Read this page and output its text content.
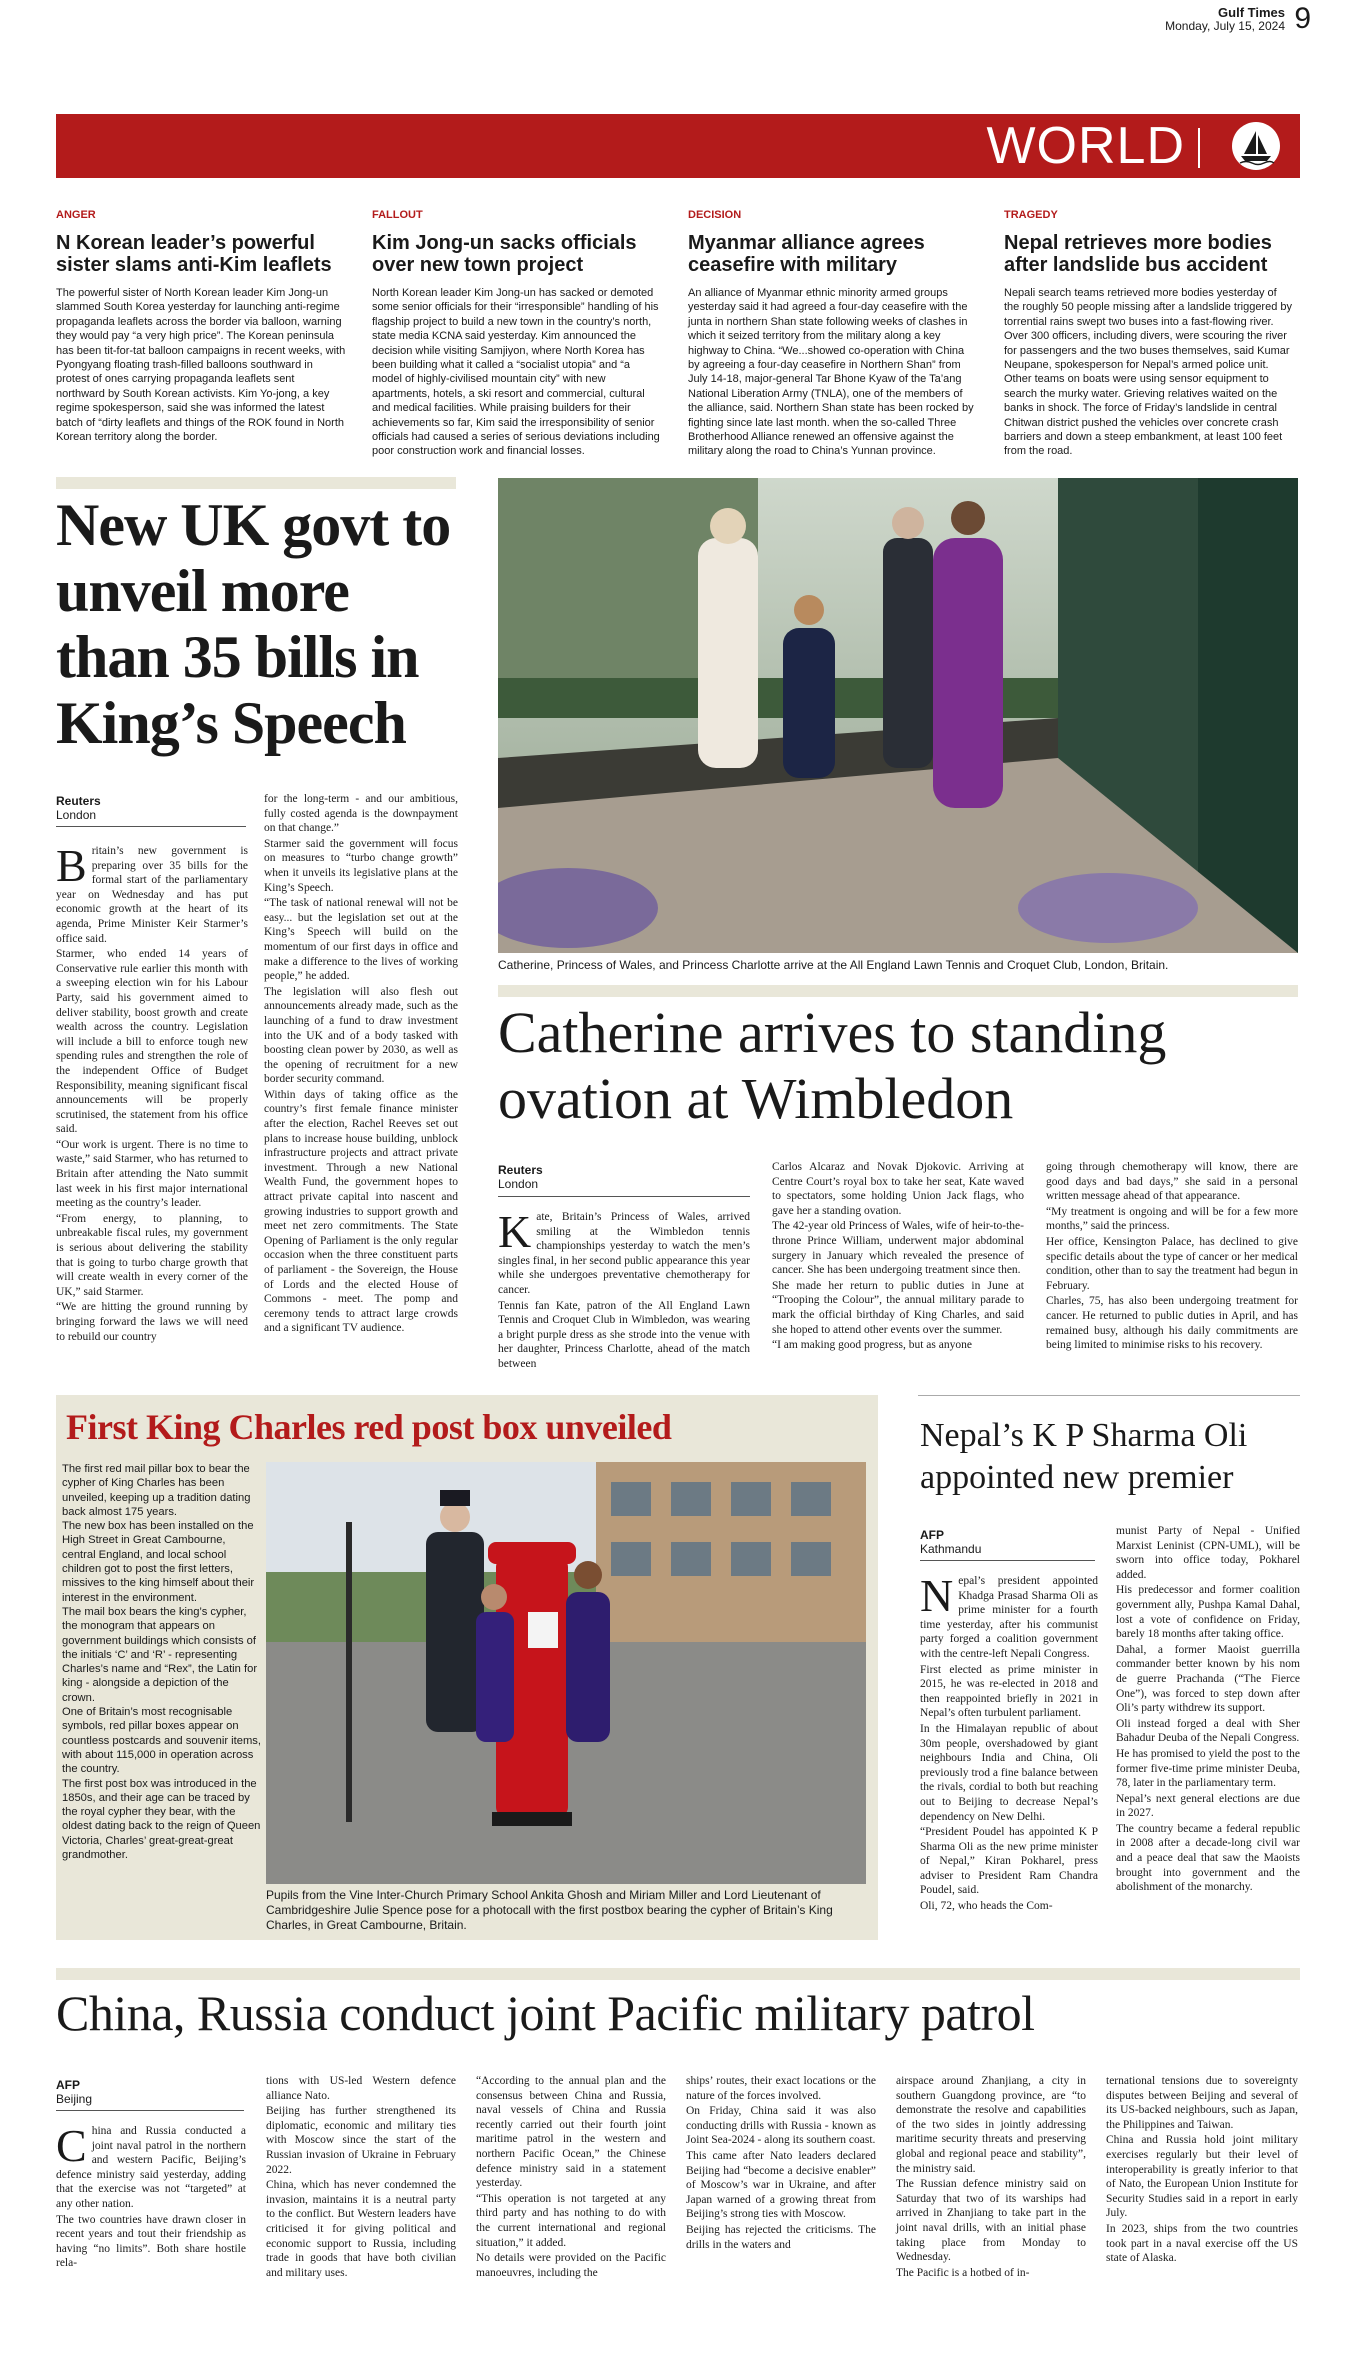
Gulf Times
Monday, July 15, 2024 9
WORLD
ANGER
N Korean leader’s powerful sister slams anti-Kim leaflets

The powerful sister of North Korean leader Kim Jong-un slammed South Korea yesterday for launching anti-regime propaganda leaflets across the border via balloon, warning they would pay “a very high price”. The Korean peninsula has been tit-for-tat balloon campaigns in recent weeks, with Pyongyang floating trash-filled balloons southward in protest of ones carrying propaganda leaflets sent northward by South Korean activists. Kim Yo-jong, a key regime spokesperson, said she was informed the latest batch of “dirty leaflets and things of the ROK found in North Korean territory along the border.

FALLOUT
Kim Jong-un sacks officials over new town project

North Korean leader Kim Jong-un has sacked or demoted some senior officials for their “irresponsible” handling of his flagship project to build a new town in the country’s north, state media KCNA said yesterday. Kim announced the decision while visiting Samjiyon, where North Korea has been building what it called a “socialist utopia” and “a model of highly-civilised mountain city” with new apartments, hotels, a ski resort and commercial, cultural and medical facilities. While praising builders for their achievements so far, Kim said the irresponsibility of senior officials had caused a series of serious deviations including poor construction work and financial losses.

DECISION
Myanmar alliance agrees ceasefire with military

An alliance of Myanmar ethnic minority armed groups yesterday said it had agreed a four-day ceasefire with the junta in northern Shan state following weeks of clashes in which it seized territory from the military along a key highway to China. “We...showed co-operation with China by agreeing a four-day ceasefire in Northern Shan” from July 14-18, major-general Tar Bhone Kyaw of the Ta’ang National Liberation Army (TNLA), one of the members of the alliance, said. Northern Shan state has been rocked by fighting since late last month. when the so-called Three Brotherhood Alliance renewed an offensive against the military along the road to China’s Yunnan province.

TRAGEDY
Nepal retrieves more bodies after landslide bus accident

Nepali search teams retrieved more bodies yesterday of the roughly 50 people missing after a landslide triggered by torrential rains swept two buses into a fast-flowing river. Over 300 officers, including divers, were scouring the river for passengers and the two buses themselves, said Kumar Neupane, spokesperson for Nepal’s armed police unit. Other teams on boats were using sensor equipment to search the murky water. Grieving relatives waited on the banks in shock. The force of Friday’s landslide in central Chitwan district pushed the vehicles over concrete crash barriers and down a steep embankment, at least 100 feet from the road.

New UK govt to unveil more than 35 bills in King’s Speech
Reuters
London
B ritain’s new government is preparing over 35 bills for the formal start of the parliamentary year on Wednesday and has put economic growth at the heart of its agenda, Prime Minister Keir Starmer’s office said.

Starmer, who ended 14 years of Conservative rule earlier this month with a sweeping election win for his Labour Party, said his government aimed to deliver stability, boost growth and create wealth across the country. Legislation will include a bill to enforce tough new spending rules and strengthen the role of the independent Office of Budget Responsibility, meaning significant fiscal announcements will be properly scrutinised, the statement from his office said.

“Our work is urgent. There is no time to waste,” said Starmer, who has returned to Britain after attending the Nato summit last week in his first major international meeting as the country’s leader.

“From energy, to planning, to unbreakable fiscal rules, my government is serious about delivering the stability that is going to turbo charge growth that will create wealth in every corner of the UK,” said Starmer.

“We are hitting the ground running by bringing forward the laws we will need to rebuild our country

for the long-term - and our ambitious, fully costed agenda is the downpayment on that change.”

Starmer said the government will focus on measures to “turbo change growth” when it unveils its legislative plans at the King’s Speech.

“The task of national renewal will not be easy... but the legislation set out at the King’s Speech will build on the momentum of our first days in office and make a difference to the lives of working people,” he added.

The legislation will also flesh out announcements already made, such as the launching of a fund to draw investment into the UK and of a body tasked with boosting clean power by 2030, as well as the opening of recruitment for a new border security command.

Within days of taking office as the country’s first female finance minister after the election, Rachel Reeves set out plans to increase house building, unblock infrastructure projects and attract private investment. Through a new National Wealth Fund, the government hopes to attract private capital into nascent and growing industries to support growth and meet net zero commitments. The State Opening of Parliament is the only regular occasion when the three constituent parts of parliament - the Sovereign, the House of Lords and the elected House of Commons - meet. The pomp and ceremony tends to attract large crowds and a significant TV audience.

Catherine, Princess of Wales, and Princess Charlotte arrive at the All England Lawn Tennis and Croquet Club, London, Britain.
Catherine arrives to standing ovation at Wimbledon
Reuters
London
K ate, Britain’s Princess of Wales, arrived smiling at the Wimbledon tennis championships yesterday to watch the men’s singles final, in her second public appearance this year while she undergoes preventative chemotherapy for cancer.

Tennis fan Kate, patron of the All England Lawn Tennis and Croquet Club in Wimbledon, was wearing a bright purple dress as she strode into the venue with her daughter, Princess Charlotte, ahead of the match between

Carlos Alcaraz and Novak Djokovic. Arriving at Centre Court’s royal box to take her seat, Kate waved to spectators, some holding Union Jack flags, who gave her a standing ovation.

The 42-year old Princess of Wales, wife of heir-to-the-throne Prince William, underwent major abdominal surgery in January which revealed the presence of cancer. She has been undergoing treatment since then.

She made her return to public duties in June at “Trooping the Colour”, the annual military parade to mark the official birthday of King Charles, and said she hoped to attend other events over the summer.

“I am making good progress, but as anyone

going through chemotherapy will know, there are good days and bad days,” she said in a personal written message ahead of that appearance.

“My treatment is ongoing and will be for a few more months,” said the princess.

Her office, Kensington Palace, has declined to give specific details about the type of cancer or her medical condition, other than to say the treatment had begun in February.

Charles, 75, has also been undergoing treatment for cancer. He returned to public duties in April, and has remained busy, although his daily commitments are being limited to minimise risks to his recovery.

First King Charles red post box unveiled

The first red mail pillar box to bear the cypher of King Charles has been unveiled, keeping up a tradition dating back almost 175 years.

The new box has been installed on the High Street in Great Cambourne, central England, and local school children got to post the first letters, missives to the king himself about their interest in the environment.

The mail box bears the king’s cypher, the monogram that appears on government buildings which consists of the initials ‘C’ and ‘R’ - representing Charles’s name and “Rex”, the Latin for king - alongside a depiction of the crown.

One of Britain’s most recognisable symbols, red pillar boxes appear on countless postcards and souvenir items, with about 115,000 in operation across the country.

The first post box was introduced in the 1850s, and their age can be traced by the royal cypher they bear, with the oldest dating back to the reign of Queen Victoria, Charles’ great-great-great grandmother.

Pupils from the Vine Inter-Church Primary School Ankita Ghosh and Miriam Miller and Lord Lieutenant of Cambridgeshire Julie Spence pose for a photocall with the first postbox bearing the cypher of Britain’s King Charles, in Great Cambourne, Britain.
Nepal’s K P Sharma Oli appointed new premier
AFP
Kathmandu
N epal’s president appointed Khadga Prasad Sharma Oli as prime minister for a fourth time yesterday, after his communist party forged a coalition government with the centre-left Nepali Congress.

First elected as prime minister in 2015, he was re-elected in 2018 and then reappointed briefly in 2021 in Nepal’s often turbulent parliament.

In the Himalayan republic of about 30m people, overshadowed by giant neighbours India and China, Oli previously trod a fine balance between the rivals, cordial to both but reaching out to Beijing to decrease Nepal’s dependency on New Delhi.

“President Poudel has appointed K P Sharma Oli as the new prime minister of Nepal,” Kiran Pokharel, press adviser to President Ram Chandra Poudel, said.

Oli, 72, who heads the Com-

munist Party of Nepal - Unified Marxist Leninist (CPN-UML), will be sworn into office today, Pokharel added.

His predecessor and former coalition government ally, Pushpa Kamal Dahal, lost a vote of confidence on Friday, barely 18 months after taking office.

Dahal, a former Maoist guerrilla commander better known by his nom de guerre Prachanda (“The Fierce One”), was forced to step down after Oli’s party withdrew its support.

Oli instead forged a deal with Sher Bahadur Deuba of the Nepali Congress.

He has promised to yield the post to the former five-time prime minister Deuba, 78, later in the parliamentary term.

Nepal’s next general elections are due in 2027.

The country became a federal republic in 2008 after a decade-long civil war and a peace deal that saw the Maoists brought into government and the abolishment of the monarchy.

China, Russia conduct joint Pacific military patrol
AFP
Beijing
C hina and Russia conducted a joint naval patrol in the northern and western Pacific, Beijing’s defence ministry said yesterday, adding that the exercise was not “targeted” at any other nation.

The two countries have drawn closer in recent years and tout their friendship as having “no limits”. Both share hostile rela-

tions with US-led Western defence alliance Nato.

Beijing has further strengthened its diplomatic, economic and military ties with Moscow since the start of the Russian invasion of Ukraine in February 2022.

China, which has never condemned the invasion, maintains it is a neutral party to the conflict. But Western leaders have criticised it for giving political and economic support to Russia, including trade in goods that have both civilian and military uses.

“According to the annual plan and the consensus between China and Russia, naval vessels of China and Russia recently carried out their fourth joint maritime patrol in the western and northern Pacific Ocean,” the Chinese defence ministry said in a statement yesterday.

“This operation is not targeted at any third party and has nothing to do with the current international and regional situation,” it added.

No details were provided on the Pacific manoeuvres, including the

ships’ routes, their exact locations or the nature of the forces involved.

On Friday, China said it was also conducting drills with Russia - known as Joint Sea-2024 - along its southern coast.

This came after Nato leaders declared Beijing had “become a decisive enabler” of Moscow’s war in Ukraine, and after Japan warned of a growing threat from Beijing’s strong ties with Moscow.

Beijing has rejected the criticisms. The drills in the waters and

airspace around Zhanjiang, a city in southern Guangdong province, are “to demonstrate the resolve and capabilities of the two sides in jointly addressing maritime security threats and preserving global and regional peace and stability”, the ministry said.

The Russian defence ministry said on Saturday that two of its warships had arrived in Zhanjiang to take part in the joint naval drills, with an initial phase taking place from Monday to Wednesday.

The Pacific is a hotbed of in-

ternational tensions due to sovereignty disputes between Beijing and several of its US-backed neighbours, such as Japan, the Philippines and Taiwan.

China and Russia hold joint military exercises regularly but their level of interoperability is greatly inferior to that of Nato, the European Union Institute for Security Studies said in a report in early July.

In 2023, ships from the two countries took part in a naval exercise off the US state of Alaska.
